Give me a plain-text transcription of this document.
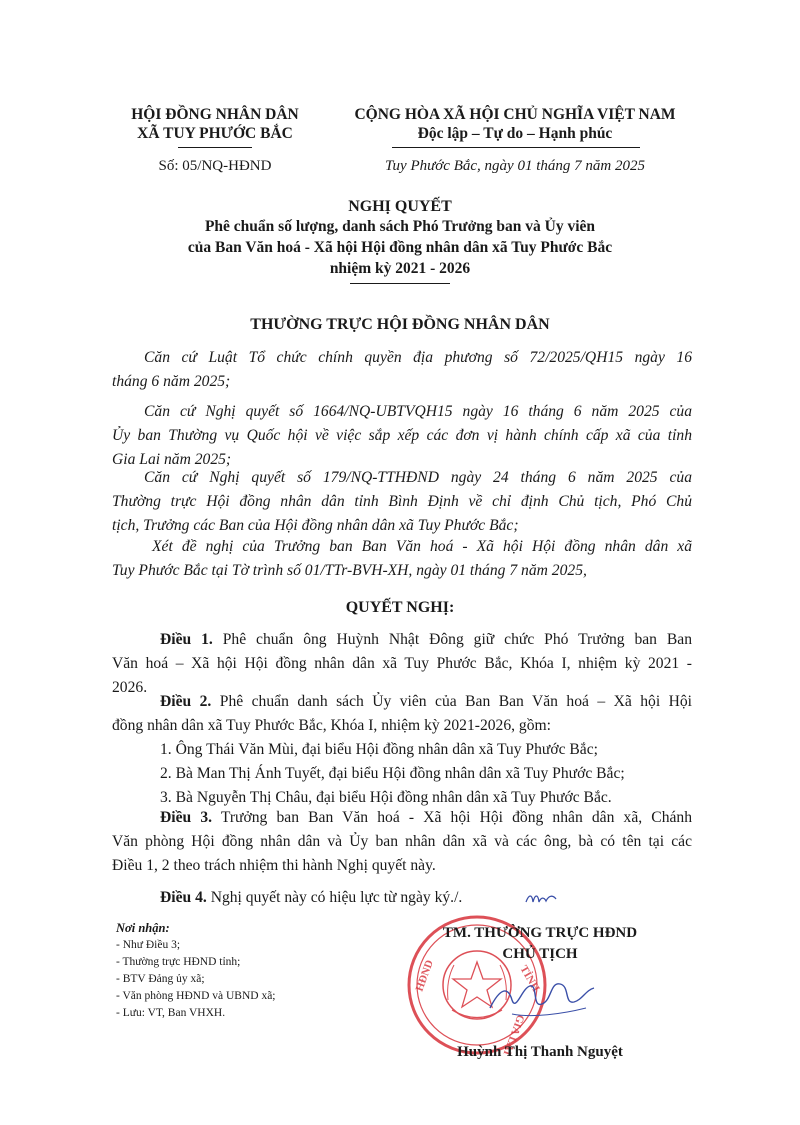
HỘI ĐỒNG NHÂN DÂN
XÃ TUY PHƯỚC BẮC
Số: 05/NQ-HĐND
CỘNG HÒA XÃ HỘI CHỦ NGHĨA VIỆT NAM
Độc lập – Tự do – Hạnh phúc
Tuy Phước Bắc, ngày 01 tháng 7 năm 2025
NGHỊ QUYẾT
Phê chuẩn số lượng, danh sách Phó Trưởng ban và Ủy viên
của Ban Văn hoá - Xã hội Hội đồng nhân dân xã Tuy Phước Bắc
nhiệm kỳ 2021 - 2026
THƯỜNG TRỰC HỘI ĐỒNG NHÂN DÂN
Căn cứ Luật Tổ chức chính quyền địa phương số 72/2025/QH15 ngày 16
tháng 6 năm 2025;
Căn cứ Nghị quyết số 1664/NQ-UBTVQH15 ngày 16 tháng 6 năm 2025 của
Ủy ban Thường vụ Quốc hội về việc sắp xếp các đơn vị hành chính cấp xã của tỉnh
Gia Lai năm 2025;
Căn cứ Nghị quyết số 179/NQ-TTHĐND ngày 24 tháng 6 năm 2025 của
Thường trực Hội đồng nhân dân tỉnh Bình Định về chỉ định Chủ tịch, Phó Chủ
tịch, Trưởng các Ban của Hội đồng nhân dân xã Tuy Phước Bắc;
Xét đề nghị của Trưởng ban Ban Văn hoá - Xã hội Hội đồng nhân dân xã
Tuy Phước Bắc tại Tờ trình số 01/TTr-BVH-XH, ngày 01 tháng 7 năm 2025,
QUYẾT NGHỊ:
Điều 1. Phê chuẩn ông Huỳnh Nhật Đông giữ chức Phó Trưởng ban Ban
Văn hoá – Xã hội Hội đồng nhân dân xã Tuy Phước Bắc, Khóa I, nhiệm kỳ 2021 -
2026.
Điều 2. Phê chuẩn danh sách Ủy viên của Ban Ban Văn hoá – Xã hội Hội
đồng nhân dân xã Tuy Phước Bắc, Khóa I, nhiệm kỳ 2021-2026, gồm:
1. Ông Thái Văn Mùi, đại biểu Hội đồng nhân dân xã Tuy Phước Bắc;
2. Bà Man Thị Ánh Tuyết, đại biểu Hội đồng nhân dân xã Tuy Phước Bắc;
3. Bà Nguyễn Thị Châu, đại biểu Hội đồng nhân dân xã Tuy Phước Bắc.
Điều 3. Trưởng ban Ban Văn hoá - Xã hội Hội đồng nhân dân xã, Chánh
Văn phòng Hội đồng nhân dân và Ủy ban nhân dân xã và các ông, bà có tên tại các
Điều 1, 2 theo trách nhiệm thi hành Nghị quyết này.
Điều 4. Nghị quyết này có hiệu lực từ ngày ký./.
Nơi nhận:
- Như Điều 3;
- Thường trực HĐND tỉnh;
- BTV Đảng ủy xã;
- Văn phòng HĐND và UBND xã;
- Lưu: VT, Ban VHXH.
HĐND	TỈNH
GIA LAI
TM. THƯỜNG TRỰC HĐND
CHỦ TỊCH
Huỳnh Thị Thanh Nguyệt
